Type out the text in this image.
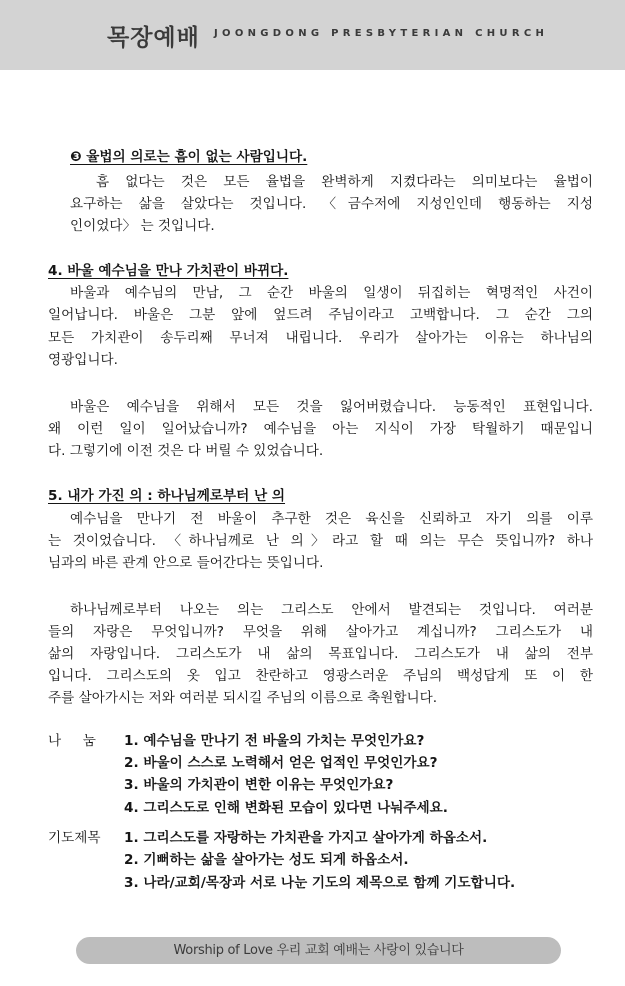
목장예배 JOONGDONG PRESBYTERIAN CHURCH
❸ 율법의 의로는 흠이 없는 사람입니다.
흠 없다는 것은 모든 율법을 완벽하게 지켰다라는 의미보다는 율법이
요구하는 삶을 살았다는 것입니다. 〈금수저에 지성인인데 행동하는 지성
인이었다〉 는 것입니다.
4. 바울 예수님을 만나 가치관이 바뀌다.
바울과 예수님의 만남, 그 순간 바울의 일생이 뒤집히는 혁명적인 사건이
일어납니다. 바울은 그분 앞에 엎드려 주님이라고 고백합니다. 그 순간 그의
모든 가치관이 송두리째 무너져 내립니다. 우리가 살아가는 이유는 하나님의
영광입니다.
바울은 예수님을 위해서 모든 것을 잃어버렸습니다. 능동적인 표현입니다.
왜 이런 일이 일어났습니까? 예수님을 아는 지식이 가장 탁월하기 때문입니
다. 그렇기에 이전 것은 다 버릴 수 있었습니다.
5. 내가 가진 의 : 하나님께로부터 난 의
예수님을 만나기 전 바울이 추구한 것은 육신을 신뢰하고 자기 의를 이루
는 것이었습니다. 〈하나님께로 난 의〉라고 할 때 의는 무슨 뜻입니까? 하나
님과의 바른 관계 안으로 들어간다는 뜻입니다.
하나님께로부터 나오는 의는 그리스도 안에서 발견되는 것입니다. 여러분
들의 자랑은 무엇입니까? 무엇을 위해 살아가고 계십니까? 그리스도가 내
삶의 자랑입니다. 그리스도가 내 삶의 목표입니다. 그리스도가 내 삶의 전부
입니다. 그리스도의 옷 입고 찬란하고 영광스러운 주님의 백성답게 또 이 한
주를 살아가시는 저와 여러분 되시길 주님의 이름으로 축원합니다.
나     눔 1. 예수님을 만나기 전 바울의 가치는 무엇인가요?
2. 바울이 스스로 노력해서 얻은 업적인 무엇인가요?
3. 바울의 가치관이 변한 이유는 무엇인가요?
4. 그리스도로 인해 변화된 모습이 있다면 나눠주세요.
기도제목 1. 그리스도를 자랑하는 가치관을 가지고 살아가게 하옵소서.
2. 기뻐하는 삶을 살아가는 성도 되게 하옵소서.
3. 나라/교회/목장과 서로 나눈 기도의 제목으로 함께 기도합니다.
Worship of Love 우리 교회 예배는 사랑이 있습니다
